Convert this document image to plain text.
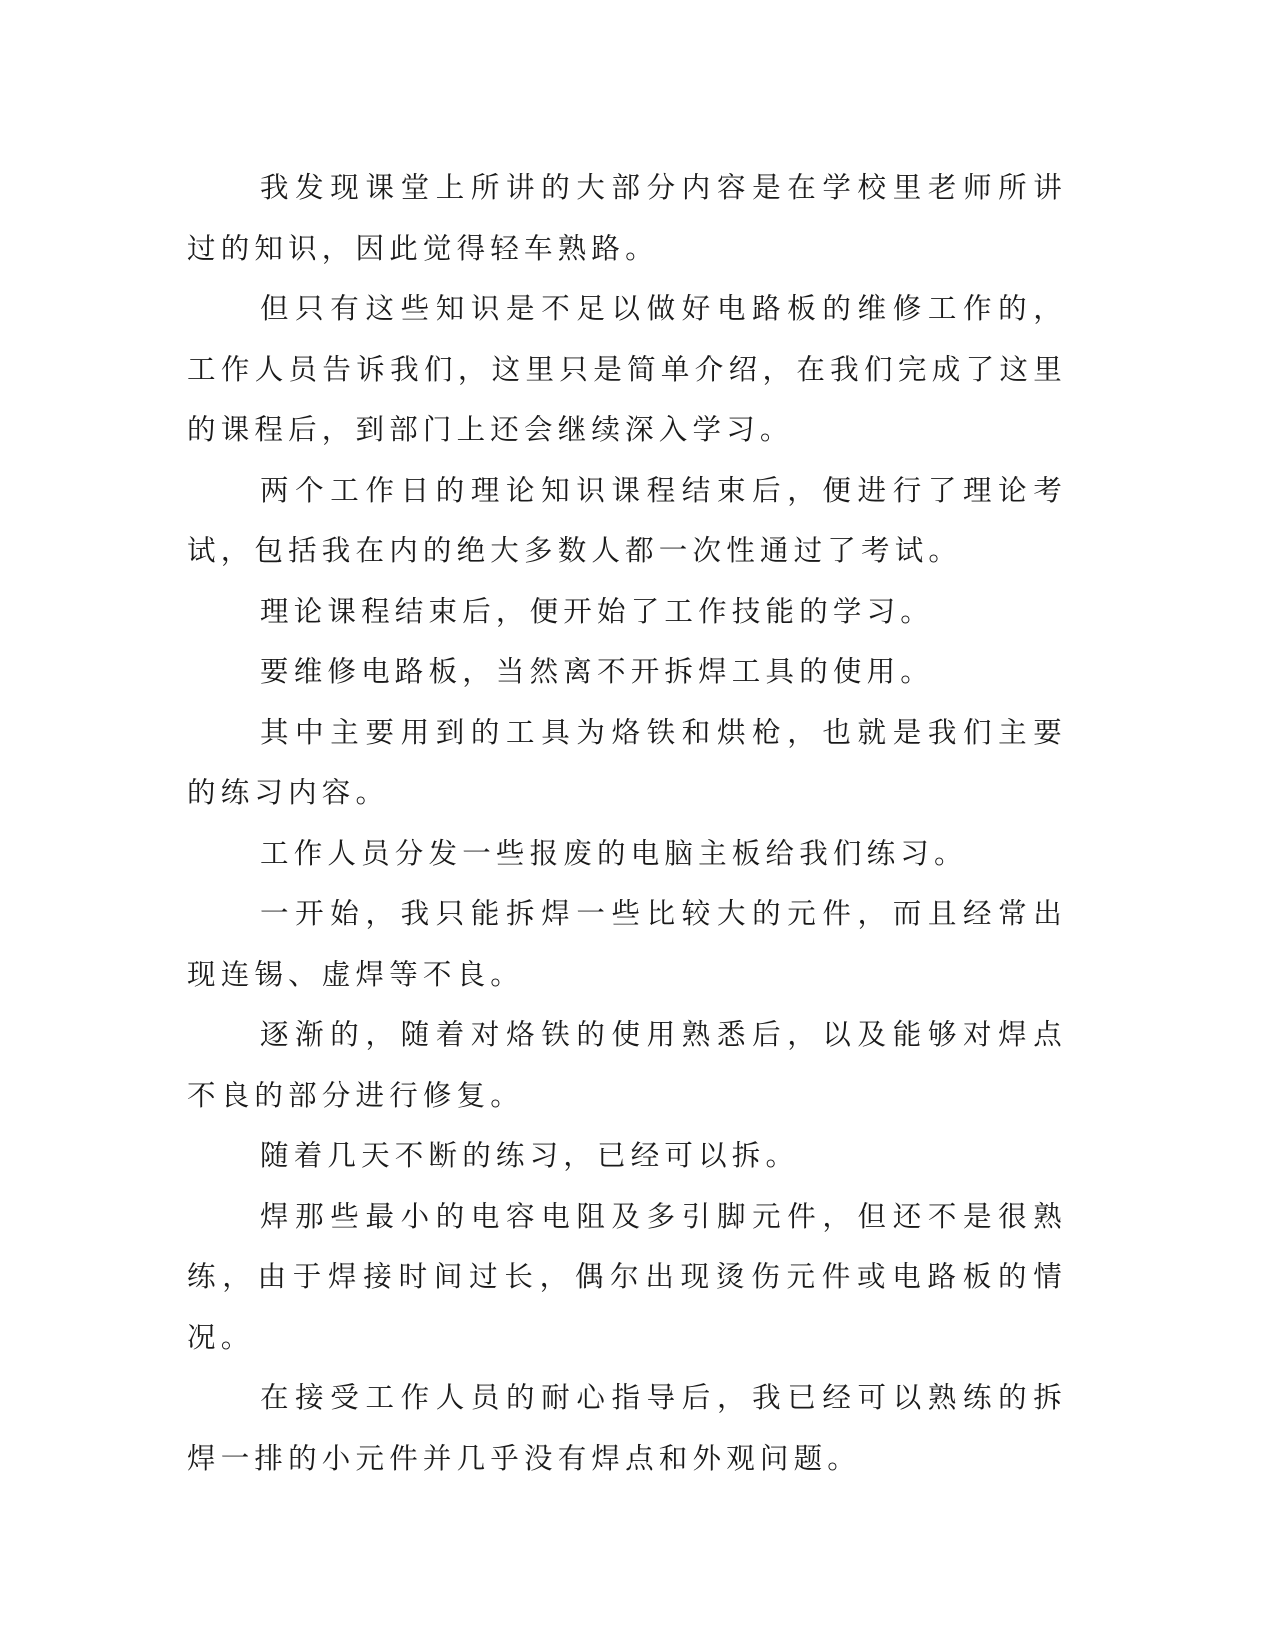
我发现课堂上所讲的大部分内容是在学校里老师所讲过的知识，因此觉得轻车熟路。

但只有这些知识是不足以做好电路板的维修工作的，工作人员告诉我们，这里只是简单介绍，在我们完成了这里的课程后，到部门上还会继续深入学习。

两个工作日的理论知识课程结束后，便进行了理论考试，包括我在内的绝大多数人都一次性通过了考试。

理论课程结束后，便开始了工作技能的学习。

要维修电路板，当然离不开拆焊工具的使用。

其中主要用到的工具为烙铁和烘枪，也就是我们主要的练习内容。

工作人员分发一些报废的电脑主板给我们练习。

一开始，我只能拆焊一些比较大的元件，而且经常出现连锡、虚焊等不良。

逐渐的，随着对烙铁的使用熟悉后，以及能够对焊点不良的部分进行修复。

随着几天不断的练习，已经可以拆。

焊那些最小的电容电阻及多引脚元件，但还不是很熟练，由于焊接时间过长，偶尔出现烫伤元件或电路板的情况。

在接受工作人员的耐心指导后，我已经可以熟练的拆焊一排的小元件并几乎没有焊点和外观问题。
